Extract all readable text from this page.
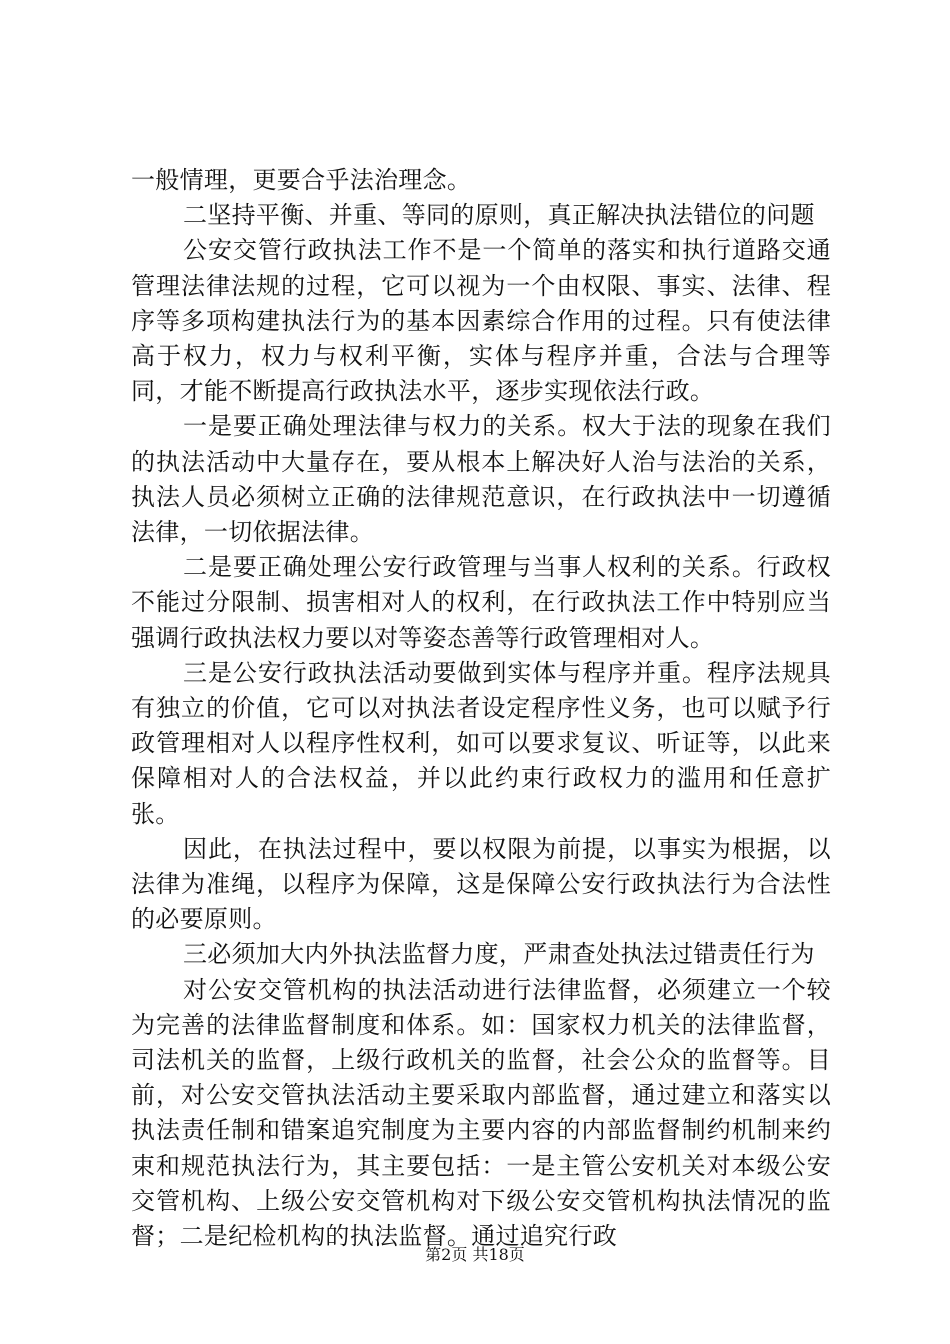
一般情理，更要合乎法治理念。

二坚持平衡、并重、等同的原则，真正解决执法错位的问题

公安交管行政执法工作不是一个简单的落实和执行道路交通管理法律法规的过程，它可以视为一个由权限、事实、法律、程序等多项构建执法行为的基本因素综合作用的过程。只有使法律高于权力，权力与权利平衡，实体与程序并重，合法与合理等同，才能不断提高行政执法水平，逐步实现依法行政。

一是要正确处理法律与权力的关系。权大于法的现象在我们的执法活动中大量存在，要从根本上解决好人治与法治的关系，执法人员必须树立正确的法律规范意识，在行政执法中一切遵循法律，一切依据法律。

二是要正确处理公安行政管理与当事人权利的关系。行政权不能过分限制、损害相对人的权利，在行政执法工作中特别应当强调行政执法权力要以对等姿态善等行政管理相对人。

三是公安行政执法活动要做到实体与程序并重。程序法规具有独立的价值，它可以对执法者设定程序性义务，也可以赋予行政管理相对人以程序性权利，如可以要求复议、听证等，以此来保障相对人的合法权益，并以此约束行政权力的滥用和任意扩张。

因此，在执法过程中，要以权限为前提，以事实为根据，以法律为准绳，以程序为保障，这是保障公安行政执法行为合法性的必要原则。

三必须加大内外执法监督力度，严肃查处执法过错责任行为

对公安交管机构的执法活动进行法律监督，必须建立一个较为完善的法律监督制度和体系。如：国家权力机关的法律监督，司法机关的监督，上级行政机关的监督，社会公众的监督等。目前，对公安交管执法活动主要采取内部监督，通过建立和落实以执法责任制和错案追究制度为主要内容的内部监督制约机制来约束和规范执法行为，其主要包括：一是主管公安机关对本级公安交管机构、上级公安交管机构对下级公安交管机构执法情况的监督；二是纪检机构的执法监督。通过追究行政

第2页 共18页
